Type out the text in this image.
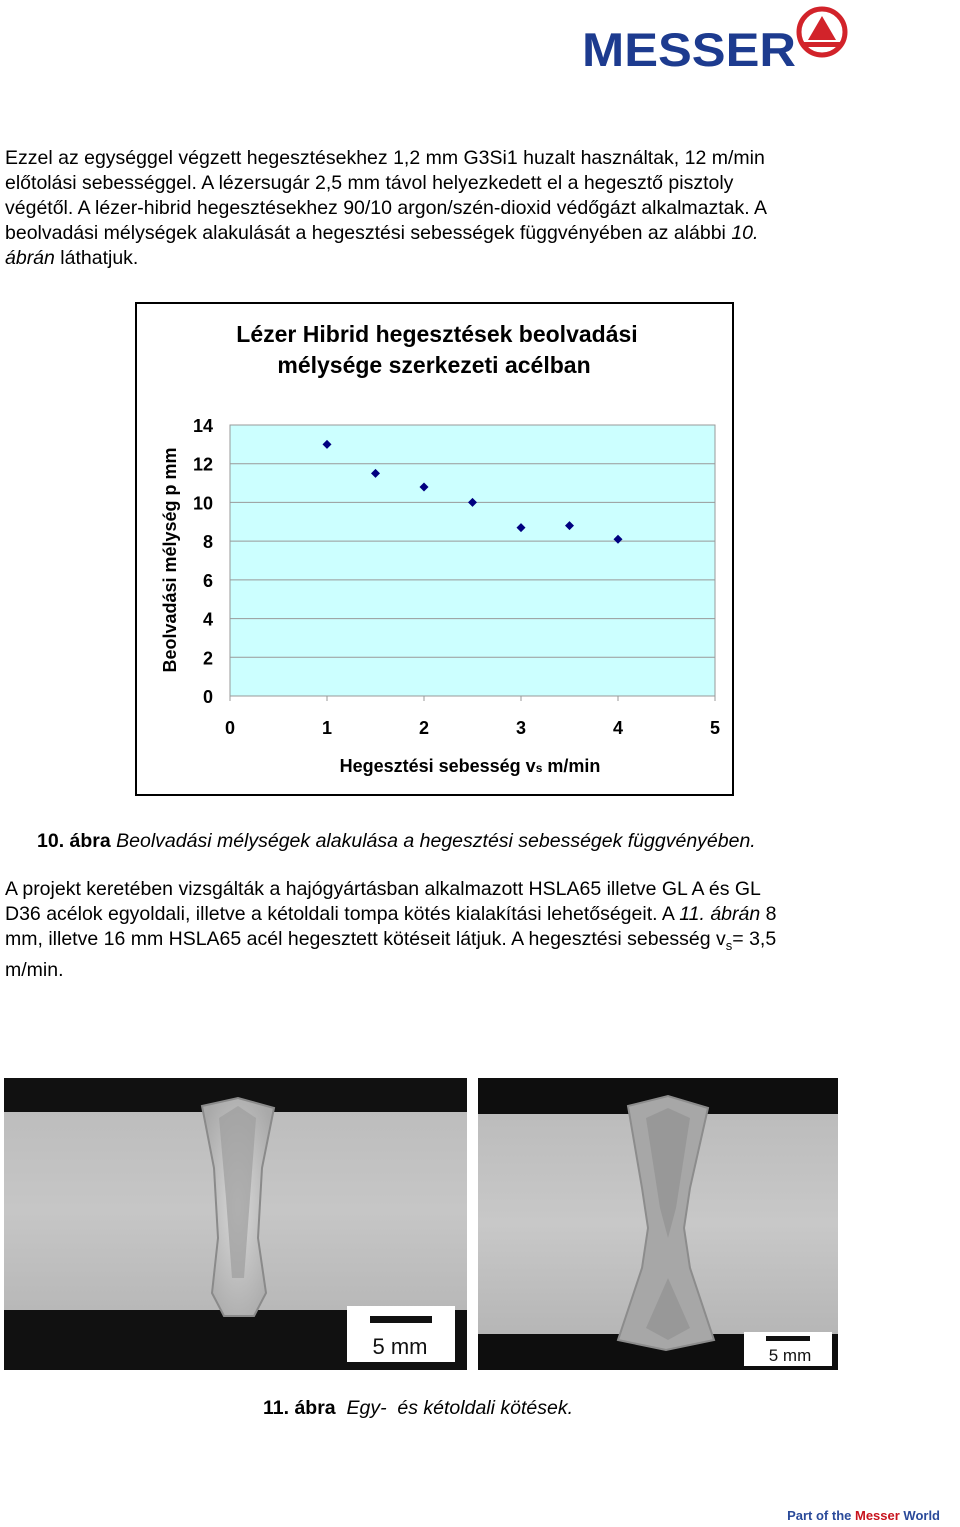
MESSER
Ezzel az egységgel végzett hegesztésekhez 1,2 mm G3Si1 huzalt használtak, 12 m/min
előtolási sebességgel. A lézersugár 2,5 mm távol helyezkedett el a hegesztő pisztoly
végétől. A lézer-hibrid hegesztésekhez 90/10 argon/szén-dioxid védőgázt alkalmaztak. A
beolvadási mélységek alakulását a hegesztési sebességek függvényében az alábbi 10.
ábrán láthatjuk.
Lézer Hibrid hegesztések beolvadási
mélysége szerkezeti acélban
14
12
10
8
6
4
2
0
0	1	2	3	4	5
Beolvadási mélység p mm
Hegesztési sebesség vs m/min
10. ábra Beolvadási mélységek alakulása a hegesztési sebességek függvényében.
A projekt keretében vizsgálták a hajógyártásban alkalmazott HSLA65 illetve GL A és GL
D36 acélok egyoldali, illetve a kétoldali tompa kötés kialakítási lehetőségeit. A 11. ábrán 8
mm, illetve 16 mm HSLA65 acél hegesztett kötéseit látjuk. A hegesztési sebesség $v_s= 3,5$
m/min.
5 mm	5 mm
11. ábra  Egy-  és kétoldali kötések.
Part of the Messer World
